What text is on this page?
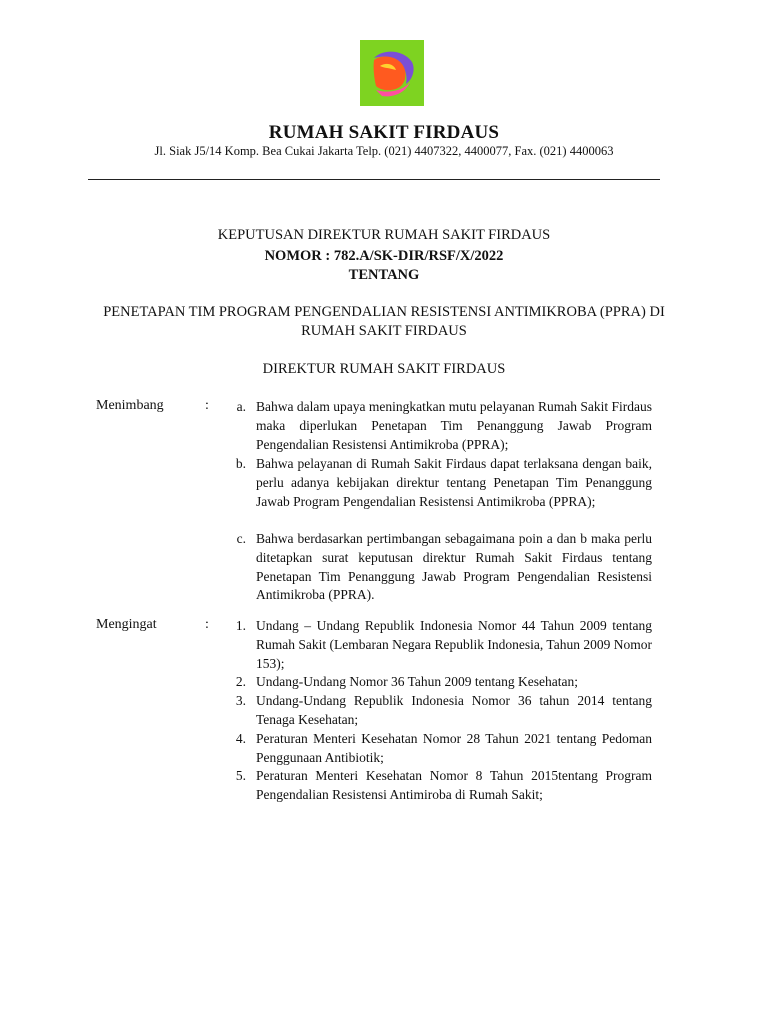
RUMAH SAKIT FIRDAUS
Jl. Siak J5/14 Komp. Bea Cukai Jakarta Telp. (021) 4407322, 4400077, Fax. (021) 4400063
KEPUTUSAN DIREKTUR RUMAH SAKIT FIRDAUS
NOMOR : 782.A/SK-DIR/RSF/X/2022
TENTANG
PENETAPAN TIM PROGRAM PENGENDALIAN RESISTENSI ANTIMIKROBA (PPRA) DI
RUMAH SAKIT FIRDAUS
DIREKTUR RUMAH SAKIT FIRDAUS
Menimbang	:	a. Bahwa dalam upaya meningkatkan mutu pelayanan Rumah Sakit Firdaus maka diperlukan Penetapan Tim Penanggung Jawab Program Pengendalian Resistensi Antimikroba (PPRA);
b. Bahwa pelayanan di Rumah Sakit Firdaus dapat terlaksana dengan baik, perlu adanya kebijakan direktur tentang Penetapan Tim Penanggung Jawab Program Pengendalian Resistensi Antimikroba (PPRA);
c. Bahwa berdasarkan pertimbangan sebagaimana poin a dan b maka perlu ditetapkan surat keputusan direktur Rumah Sakit Firdaus tentang Penetapan Tim Penanggung Jawab Program Pengendalian Resistensi Antimikroba (PPRA).
Mengingat	:	1. Undang – Undang Republik Indonesia Nomor 44 Tahun 2009 tentang Rumah Sakit (Lembaran Negara Republik Indonesia, Tahun 2009 Nomor 153);
2. Undang-Undang Nomor 36 Tahun 2009 tentang Kesehatan;
3. Undang-Undang Republik Indonesia Nomor 36 tahun 2014 tentang Tenaga Kesehatan;
4. Peraturan Menteri Kesehatan Nomor 28 Tahun 2021 tentang Pedoman Penggunaan Antibiotik;
5. Peraturan Menteri Kesehatan Nomor 8 Tahun 2015tentang Program Pengendalian Resistensi Antimiroba di Rumah Sakit;
